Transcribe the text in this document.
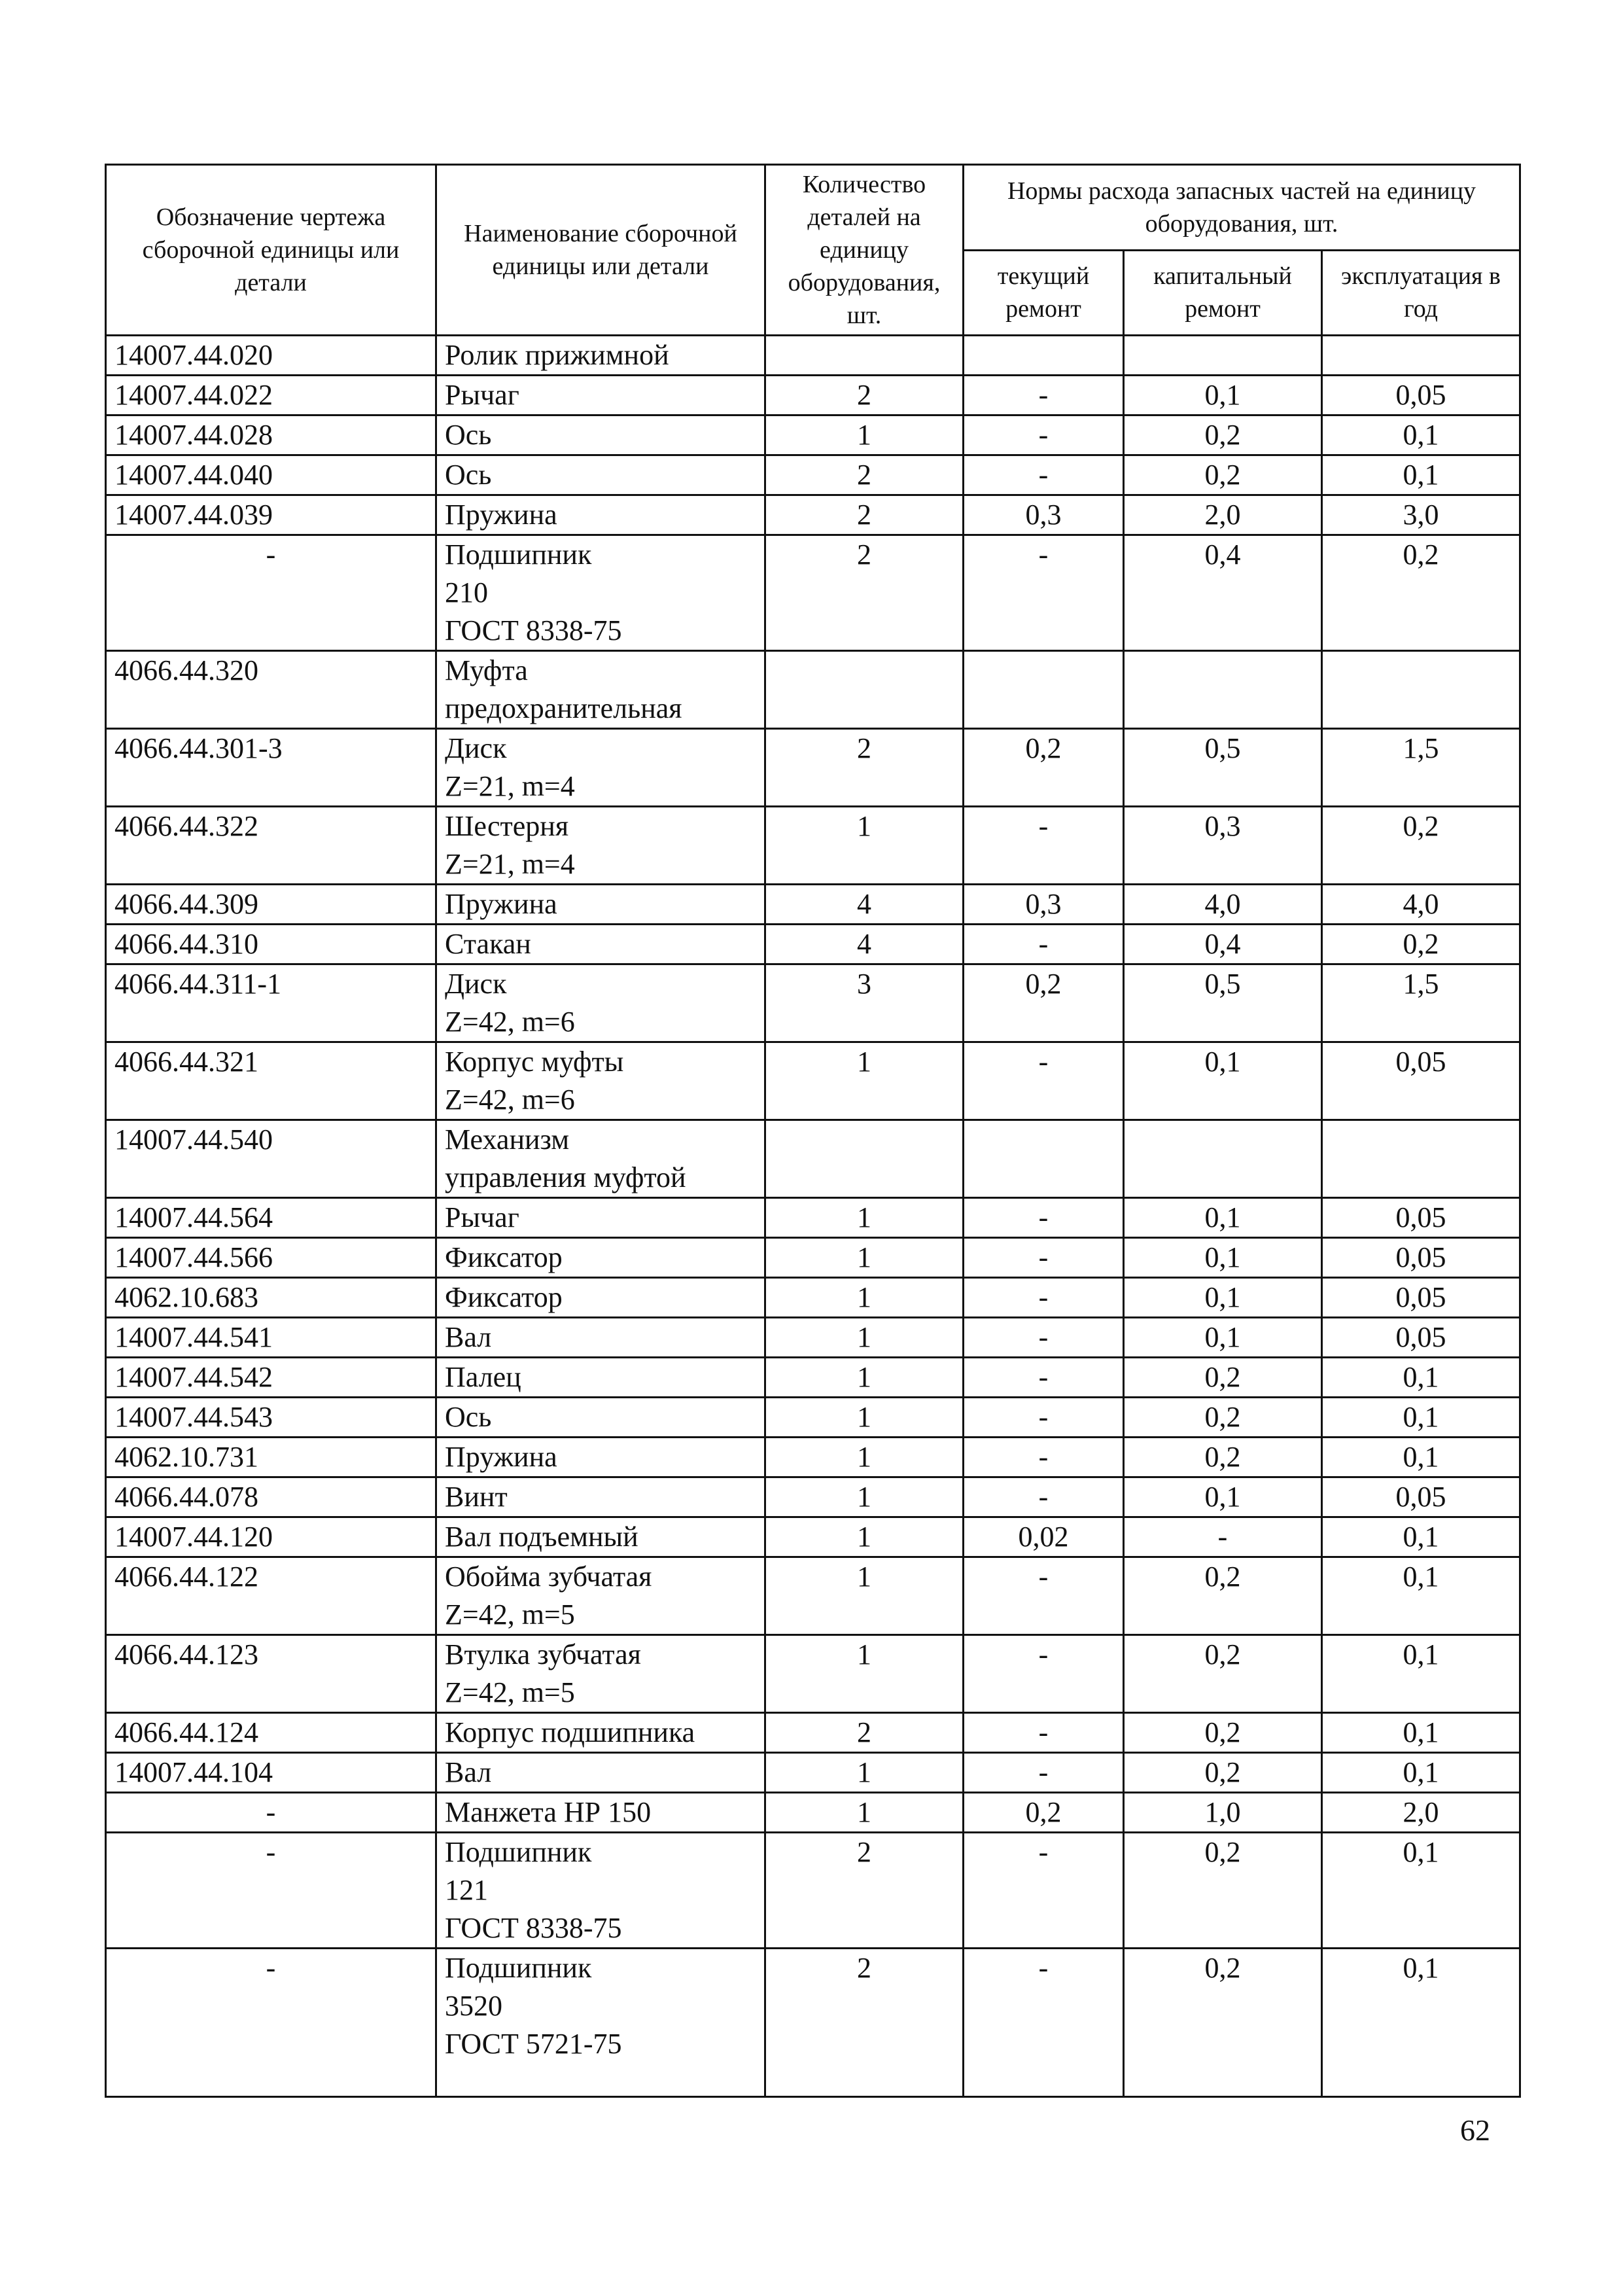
Обозначение чертежа сборочной единицы или детали	Наименование сборочной единицы или детали	Количество деталей на единицу оборудования, шт.	Нормы расхода запасных частей на единицу оборудования, шт.		
			текущий ремонт	капитальный ремонт	эксплуатация в год
14007.44.020	Ролик прижимной				

14007.44.022	Рычаг	2	-	0,1	0,05
14007.44.028	Ось	1	-	0,2	0,1
14007.44.040	Ось	2	-	0,2	0,1
14007.44.039	Пружина	2	0,3	2,0	3,0
-	Подшипник
210
ГОСТ 8338-75	2	-	0,4	0,2
4066.44.320	Муфта
предохранительная				

4066.44.301-3	Диск
Z=21, m=4	2	0,2	0,5	1,5
4066.44.322	Шестерня
Z=21, m=4	1	-	0,3	0,2
4066.44.309	Пружина	4	0,3	4,0	4,0
4066.44.310	Стакан	4	-	0,4	0,2
4066.44.311-1	Диск
Z=42, m=6	3	0,2	0,5	1,5
4066.44.321	Корпус муфты
Z=42, m=6	1	-	0,1	0,05
14007.44.540	Механизм
управления муфтой				

14007.44.564	Рычаг	1	-	0,1	0,05
14007.44.566	Фиксатор	1	-	0,1	0,05
4062.10.683	Фиксатор	1	-	0,1	0,05
14007.44.541	Вал	1	-	0,1	0,05
14007.44.542	Палец	1	-	0,2	0,1
14007.44.543	Ось	1	-	0,2	0,1
4062.10.731	Пружина	1	-	0,2	0,1
4066.44.078	Винт	1	-	0,1	0,05
14007.44.120	Вал подъемный	1	0,02	-	0,1
4066.44.122	Обойма зубчатая
Z=42, m=5	1	-	0,2	0,1
4066.44.123	Втулка зубчатая
Z=42, m=5	1	-	0,2	0,1
4066.44.124	Корпус подшипника	2	-	0,2	0,1
14007.44.104	Вал	1	-	0,2	0,1
-	Манжета НР 150	1	0,2	1,0	2,0
-	Подшипник
121
ГОСТ 8338-75	2	-	0,2	0,1
-	Подшипник
3520
ГОСТ 5721-75	2	-	0,2	0,1
62
